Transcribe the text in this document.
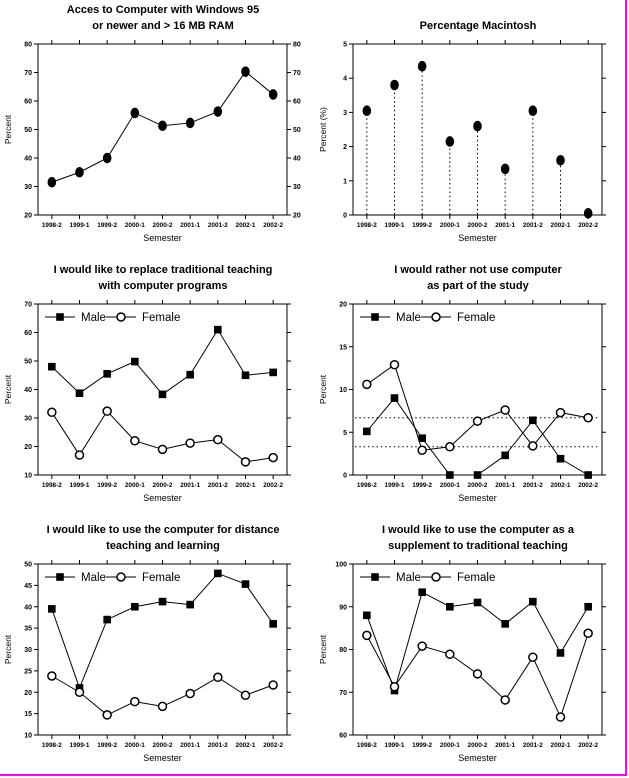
Acces to Computer with Windows 95
or newer and > 16 MB RAM
20	20
30	30
40	40
50	50
60	60
70	70
80	80
1998-2 1999-1 1999-2 2000-1 2000-2 2001-1 2001-2 2002-1 2002-2
Percent
Semester
Percentage Macintosh
0
1
2
3
4
5
1998-2 1999-1 1999-2 2000-1 2000-2 2001-1 2001-2 2002-1 2002-2
Percent (%)
Semester
I would like to replace traditional teaching
with computer programs
10
20
30
40
50
60
70
1998-2 1999-1 1999-2 2000-1 2000-2 2001-1 2001-2 2002-1 2002-2
Male	Female
Percent
Semester
I would rather not use computer
as part of the study
0
5
10
15
20
1998-2 1999-1 1999-2 2000-1 2000-2 2001-1 2001-2 2002-1 2002-2
Male	Female
Percent
Semester
I would like to use the computer for distance
teaching and learning
10
15
20
25
30
35
40
45
50
1998-2 1999-1 1999-2 2000-1 2000-2 2001-1 2001-2 2002-1 2002-2
Male	Female
Percent
Semester
I would like to use the computer as a
supplement to traditional teaching
60
70
80
90
100
1998-2 1999-1 1999-2 2000-1 2000-2 2001-1 2001-2 2002-1 2002-2
Male	Female
Percent
Semester
